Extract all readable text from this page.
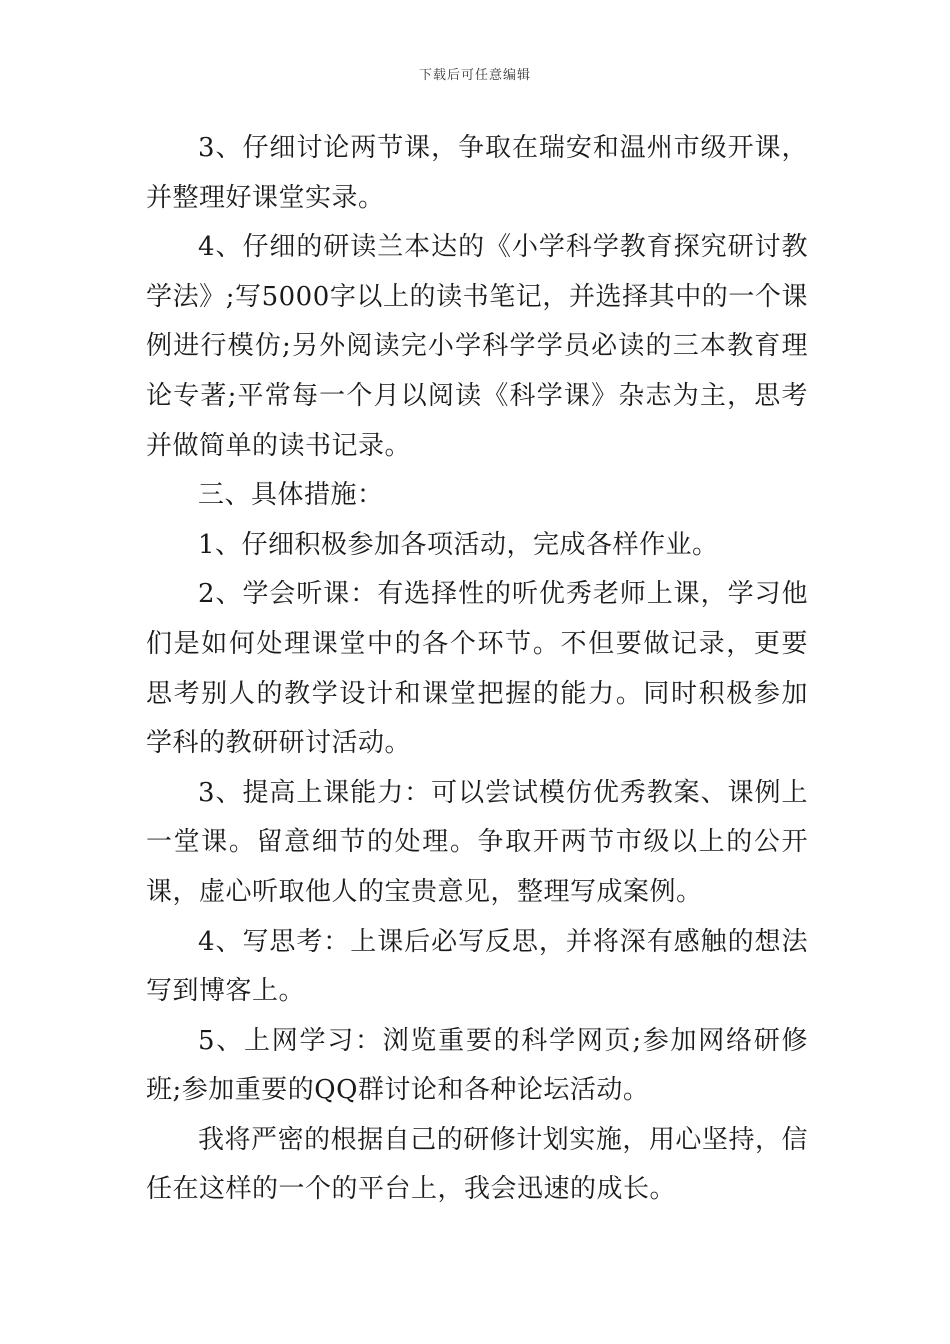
下载后可任意编辑

3、仔细讨论两节课，争取在瑞安和温州市级开课，并整理好课堂实录。

4、仔细的研读兰本达的《小学科学教育探究研讨教学法》;写5000字以上的读书笔记，并选择其中的一个课例进行模仿;另外阅读完小学科学学员必读的三本教育理论专著;平常每一个月以阅读《科学课》杂志为主，思考并做简单的读书记录。

三、具体措施：

1、仔细积极参加各项活动，完成各样作业。

2、学会听课：有选择性的听优秀老师上课，学习他们是如何处理课堂中的各个环节。不但要做记录，更要思考别人的教学设计和课堂把握的能力。同时积极参加学科的教研研讨活动。

3、提高上课能力：可以尝试模仿优秀教案、课例上一堂课。留意细节的处理。争取开两节市级以上的公开课，虚心听取他人的宝贵意见，整理写成案例。

4、写思考：上课后必写反思，并将深有感触的想法写到博客上。

5、上网学习：浏览重要的科学网页;参加网络研修班;参加重要的QQ群讨论和各种论坛活动。

我将严密的根据自己的研修计划实施，用心坚持，信任在这样的一个的平台上，我会迅速的成长。
